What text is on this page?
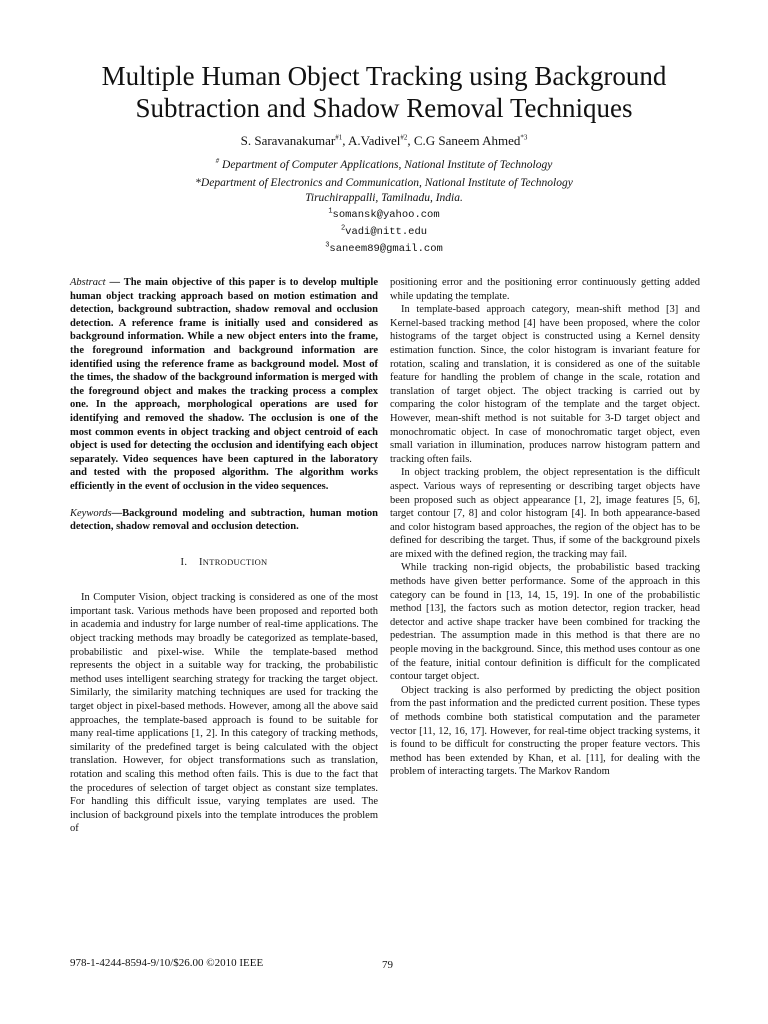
Multiple Human Object Tracking using Background
Subtraction and Shadow Removal Techniques
S. Saravanakumar$^{\#1}$, A.Vadivel$^{\#2}$, C.G Saneem Ahmed$^{*3}$
# Department of Computer Applications, National Institute of Technology
*Department of Electronics and Communication, National Institute of Technology
Tiruchirappalli, Tamilnadu, India.
$^1$somansk@yahoo.com
$^2$vadi@nitt.edu
$^3$saneem89@gmail.com

Abstract — The main objective of this paper is to develop multiple human object tracking approach based on motion estimation and detection, background subtraction, shadow removal and occlusion detection. A reference frame is initially used and considered as background information. While a new object enters into the frame, the foreground information and background information are identified using the reference frame as background model. Most of the times, the shadow of the background information is merged with the foreground object and makes the tracking process a complex one. In the approach, morphological operations are used for identifying and removed the shadow. The occlusion is one of the most common events in object tracking and object centroid of each object is used for detecting the occlusion and identifying each object separately. Video sequences have been captured in the laboratory and tested with the proposed algorithm. The algorithm works efficiently in the event of occlusion in the video sequences.

Keywords—Background modeling and subtraction, human motion detection, shadow removal and occlusion detection.

I. INTRODUCTION

In Computer Vision, object tracking is considered as one of the most important task. Various methods have been proposed and reported both in academia and industry for large number of real-time applications. The object tracking methods may broadly be categorized as template-based, probabilistic and pixel-wise. While the template-based method represents the object in a suitable way for tracking, the probabilistic method uses intelligent searching strategy for tracking the target object. Similarly, the similarity matching techniques are used for tracking the target object in pixel-based methods. However, among all the above said approaches, the template-based approach is found to be suitable for many real-time applications [1, 2]. In this category of tracking methods, similarity of the predefined target is being calculated with the object translation. However, for object transformations such as translation, rotation and scaling this method often fails. This is due to the fact that the procedures of selection of target object as constant size templates. For handling this difficult issue, varying templates are used. The inclusion of background pixels into the template introduces the problem of

positioning error and the positioning error continuously getting added while updating the template.

In template-based approach category, mean-shift method [3] and Kernel-based tracking method [4] have been proposed, where the color histograms of the target object is constructed using a Kernel density estimation function. Since, the color histogram is invariant feature for rotation, scaling and translation, it is considered as one of the suitable feature for handling the problem of change in the scale, rotation and translation of target object. The object tracking is carried out by comparing the color histogram of the template and the target object. However, mean-shift method is not suitable for 3-D target object and monochromatic object. In case of monochromatic target object, even small variation in illumination, produces narrow histogram pattern and tracking often fails.

In object tracking problem, the object representation is the difficult aspect. Various ways of representing or describing target objects have been proposed such as object appearance [1, 2], image features [5, 6], target contour [7, 8] and color histogram [4]. In both appearance-based and color histogram based approaches, the region of the object has to be defined for describing the target. Thus, if some of the background pixels are mixed with the defined region, the tracking may fail.

While tracking non-rigid objects, the probabilistic based tracking methods have given better performance. Some of the approach in this category can be found in [13, 14, 15, 19]. In one of the probabilistic method [13], the factors such as motion detector, region tracker, head detector and active shape tracker have been combined for tracking the pedestrian. The assumption made in this method is that there are no people moving in the background. Since, this method uses contour as one of the feature, initial contour definition is difficult for the complicated contour target object.

Object tracking is also performed by predicting the object position from the past information and the predicted current position. These types of methods combine both statistical computation and the parameter vector [11, 12, 16, 17]. However, for real-time object tracking systems, it is found to be difficult for constructing the proper feature vectors. This method has been extended by Khan, et al. [11], for dealing with the problem of interacting targets. The Markov Random

978-1-4244-8594-9/10/$26.00 ©2010 IEEE	79
